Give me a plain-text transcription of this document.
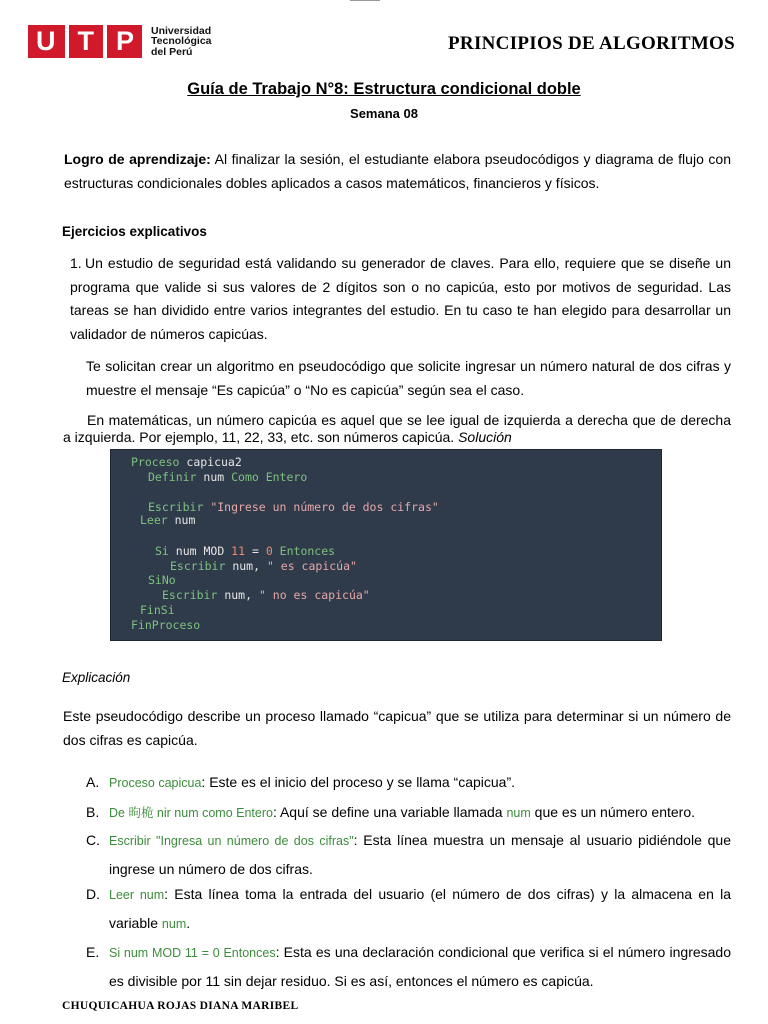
U T P Universidad
Tecnológica
del Perú	PRINCIPIOS DE ALGORITMOS
Guía de Trabajo N°8: Estructura condicional doble
Semana 08
Logro de aprendizaje: Al finalizar la sesión, el estudiante elabora pseudocódigos y diagrama de flujo con estructuras condicionales dobles aplicados a casos matemáticos, financieros y físicos.
Ejercicios explicativos
1. Un estudio de seguridad está validando su generador de claves. Para ello, requiere que se diseñe un programa que valide si sus valores de 2 dígitos son o no capicúa, esto por motivos de seguridad. Las tareas se han dividido entre varios integrantes del estudio. En tu caso te han elegido para desarrollar un validador de números capicúas.
Te solicitan crear un algoritmo en pseudocódigo que solicite ingresar un número natural de dos cifras y muestre el mensaje “Es capicúa” o “No es capicúa” según sea el caso.
En matemáticas, un número capicúa es aquel que se lee igual de izquierda a derecha que de derecha a izquierda. Por ejemplo, 11, 22, 33, etc. son números capicúa. Solución
Proceso capicua2
Definir num Como Entero
Escribir "Ingrese un número de dos cifras"
Leer num
Si num MOD 11 = 0 Entonces
Escribir num, " es capicúa"
SiNo
Escribir num, " no es capicúa"
FinSi
FinProceso
Explicación
Este pseudocódigo describe un proceso llamado “capicua” que se utiliza para determinar si un número de dos cifras es capicúa.
A. Proceso capicua: Este es el inicio del proceso y se llama “capicua”.
B. De 昫桅 nir num como Entero: Aquí se define una variable llamada num que es un número entero.
C. Escribir "Ingresa un número de dos cifras": Esta línea muestra un mensaje al usuario pidiéndole que ingrese un número de dos cifras.
D. Leer num: Esta línea toma la entrada del usuario (el número de dos cifras) y la almacena en la variable num.
E. Si num MOD 11 = 0 Entonces: Esta es una declaración condicional que verifica si el número ingresado es divisible por 11 sin dejar residuo. Si es así, entonces el número es capicúa.
CHUQUICAHUA ROJAS DIANA MARIBEL
